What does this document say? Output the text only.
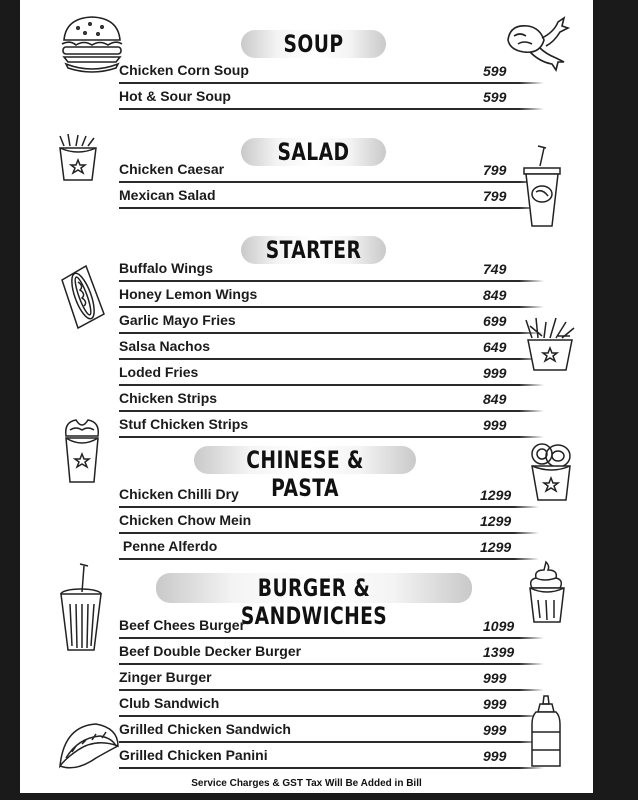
SOUP
Chicken Corn Soup	599
Hot & Sour Soup	599
SALAD
Chicken Caesar	799
Mexican Salad	799
STARTER
Buffalo Wings	749
Honey Lemon Wings	849
Garlic Mayo Fries	699
Salsa Nachos	649
Loded Fries	999
Chicken Strips	849
Stuf Chicken Strips	999
CHINESE & PASTA
Chicken Chilli Dry	1299
Chicken Chow Mein	1299
Penne Alferdo	1299
BURGER & SANDWICHES
Beef Chees Burger	1099
Beef Double Decker Burger	1399
Zinger Burger	999
Club Sandwich	999
Grilled Chicken Sandwich	999
Grilled Chicken Panini	999
Service Charges & GST Tax Will Be Added in Bill
